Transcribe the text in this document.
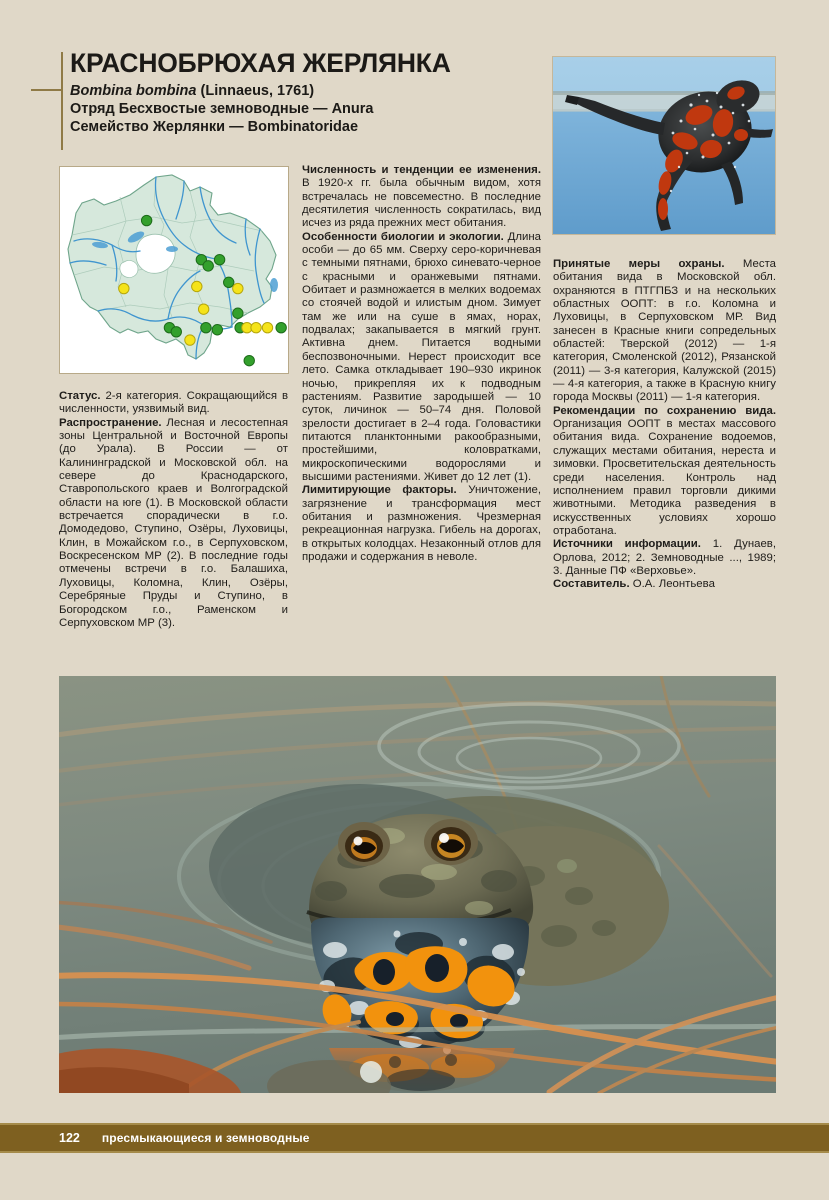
КРАСНОБРЮХАЯ ЖЕРЛЯНКА

Bombina bombina (Linnaeus, 1761)

Отряд Бесхвостые земноводные — Anura

Семейство Жерлянки — Bombinatoridae

Статус. 2-я категория. Сокращающийся в численности, уязвимый вид.

Распространение. Лесная и лесостепная зоны Центральной и Восточной Европы (до Урала). В России — от Калининградской и Московской обл. на севере до Краснодарского, Ставропольского краев и Волгоградской области на юге (1). В Московской области встречается спорадически в г.о. Домодедово, Ступино, Озёры, Луховицы, Клин, в Можайском г.о., в Серпуховском, Воскресенском МР (2). В последние годы отмечены встречи в г.о. Балашиха, Луховицы, Коломна, Клин, Озёры, Серебряные Пруды и Ступино, в Богородском г.о., Раменском и Серпуховском МР (3).

Численность и тенденции ее изменения. В 1920-х гг. была обычным видом, хотя встречалась не повсеместно. В последние десятилетия численность сократилась, вид исчез из ряда прежних мест обитания.

Особенности биологии и экологии. Длина особи — до 65 мм. Сверху серо-коричневая с темными пятнами, брюхо синевато-черное с красными и оранжевыми пятнами. Обитает и размножается в мелких водоемах со стоячей водой и илистым дном. Зимует там же или на суше в ямах, норах, подвалах; закапывается в мягкий грунт. Активна днем. Питается водными беспозвоночными. Нерест происходит все лето. Самка откладывает 190–930 икринок ночью, прикрепляя их к подводным растениям. Развитие зародышей — 10 суток, личинок — 50–74 дня. Половой зрелости достигает в 2–4 года. Головастики питаются планктонными ракообразными, простейшими, коловратками, микроскопическими водорослями и высшими растениями. Живет до 12 лет (1).

Лимитирующие факторы. Уничтожение, загрязнение и трансформация мест обитания и размножения. Чрезмерная рекреационная нагрузка. Гибель на дорогах, в открытых колодцах. Незаконный отлов для продажи и содержания в неволе.

Принятые меры охраны. Места обитания вида в Московской обл. охраняются в ПТГПБЗ и на нескольких областных ООПТ: в г.о. Коломна и Луховицы, в Серпуховском МР. Вид занесен в Красные книги сопредельных областей: Тверской (2012) — 1-я категория, Смоленской (2012), Рязанской (2011) — 3-я категория, Калужской (2015) — 4-я категория, а также в Красную книгу города Москвы (2011) — 1-я категория.

Рекомендации по сохранению вида. Организация ООПТ в местах массового обитания вида. Сохранение водоемов, служащих местами обитания, нереста и зимовки. Просветительская деятельность среди населения. Контроль над исполнением правил торговли дикими животными. Методика разведения в искусственных условиях хорошо отработана.

Источники информации. 1. Дунаев, Орлова, 2012; 2. Земноводные ..., 1989; 3. Данные ПФ «Верховье».

Составитель. О.А. Леонтьева

122 пресмыкающиеся и земноводные
